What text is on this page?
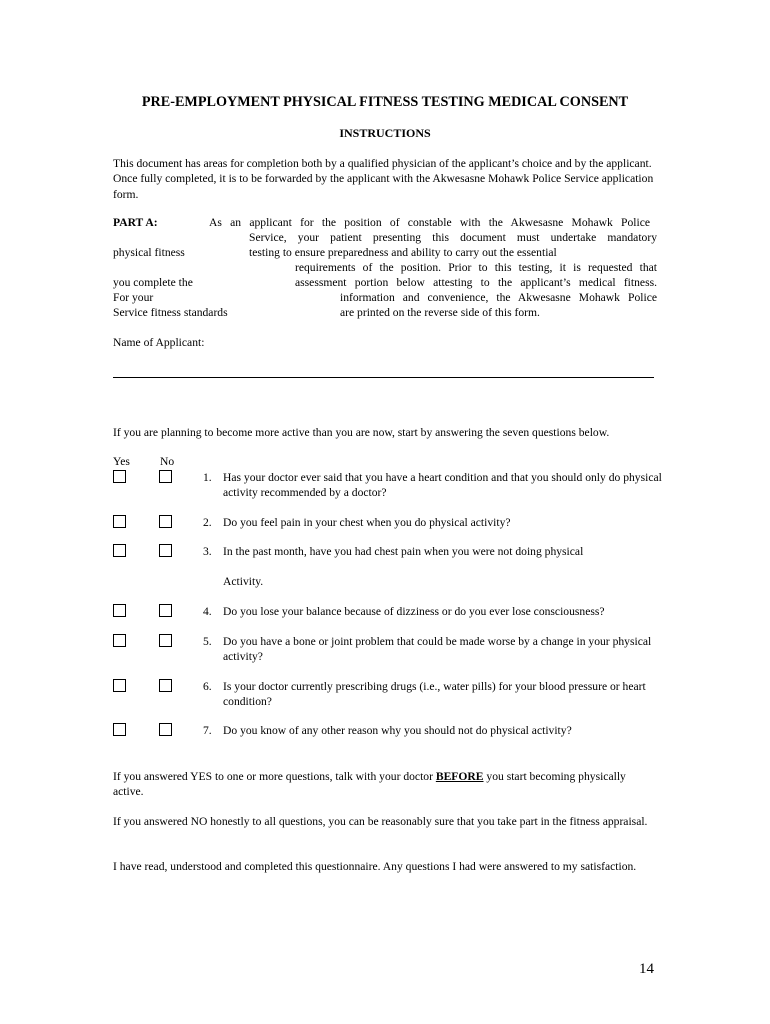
PRE-EMPLOYMENT PHYSICAL FITNESS TESTING MEDICAL CONSENT
INSTRUCTIONS
This document has areas for completion both by a qualified physician of the applicant’s choice and by the applicant. Once fully completed, it is to be forwarded by the applicant with the Akwesasne Mohawk Police Service application form.
PART A:	As an applicant for the position of constable with the Akwesasne Mohawk Police
Service, your patient presenting this document must undertake mandatory
physical fitness	testing to ensure preparedness and ability to carry out the essential
requirements of the position. Prior to this testing, it is requested that
you complete the	assessment portion below attesting to the applicant’s medical fitness.
For your	information and convenience, the Akwesasne Mohawk Police
Service fitness standards	are printed on the reverse side of this form.
Name of Applicant:
If you are planning to become more active than you are now, start by answering the seven questions below.
Yes	No
1. Has your doctor ever said that you have a heart condition and that you should only do physical activity recommended by a doctor?
2. Do you feel pain in your chest when you do physical activity?
3. In the past month, have you had chest pain when you were not doing physical
Activity.
4. Do you lose your balance because of dizziness or do you ever lose consciousness?
5. Do you have a bone or joint problem that could be made worse by a change in your physical activity?
6. Is your doctor currently prescribing drugs (i.e., water pills) for your blood pressure or heart condition?
7. Do you know of any other reason why you should not do physical activity?
If you answered YES to one or more questions, talk with your doctor BEFORE you start becoming physically active.
If you answered NO honestly to all questions, you can be reasonably sure that you take part in the fitness appraisal.
I have read, understood and completed this questionnaire. Any questions I had were answered to my satisfaction.
14
